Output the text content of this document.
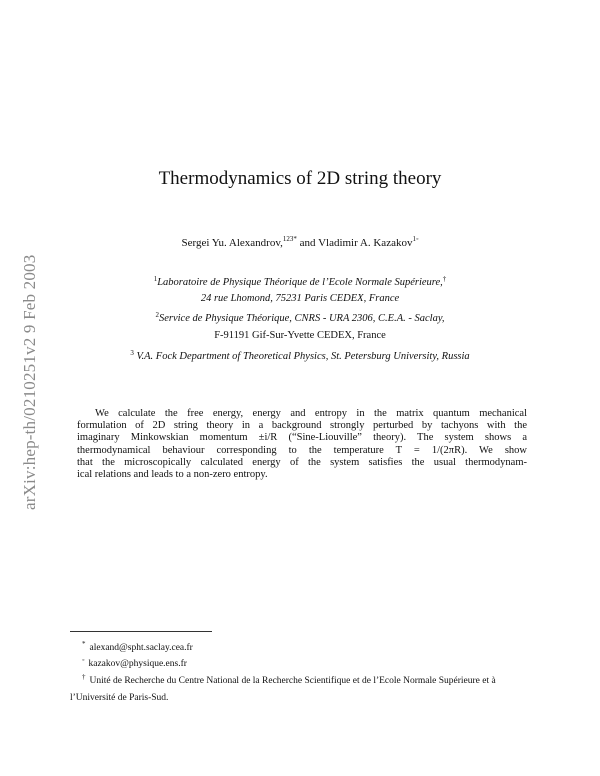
arXiv:hep-th/0210251v2 9 Feb 2003
Thermodynamics of 2D string theory
Sergei Yu. Alexandrov,$^{123*}$ and Vladimir A. Kazakov$^{1◦}$
$^1$Laboratoire de Physique Théorique de l’Ecole Normale Supérieure,†
24 rue Lhomond, 75231 Paris CEDEX, France
$^2$Service de Physique Théorique, CNRS - URA 2306, C.E.A. - Saclay,
F-91191 Gif-Sur-Yvette CEDEX, France
$^3$ V.A. Fock Department of Theoretical Physics, St. Petersburg University, Russia
We calculate the free energy, energy and entropy in the matrix quantum mechanical
formulation of 2D string theory in a background strongly perturbed by tachyons with the
imaginary Minkowskian momentum ±i/R (“Sine-Liouville” theory). The system shows a
thermodynamical behaviour corresponding to the temperature T = 1/(2πR). We show
that the microscopically calculated energy of the system satisfies the usual thermodynam-
ical relations and leads to a non-zero entropy.
* alexand@spht.saclay.cea.fr
◦ kazakov@physique.ens.fr
† Unité de Recherche du Centre National de la Recherche Scientifique et de l’Ecole Normale Supérieure et à l’Université de Paris-Sud.
